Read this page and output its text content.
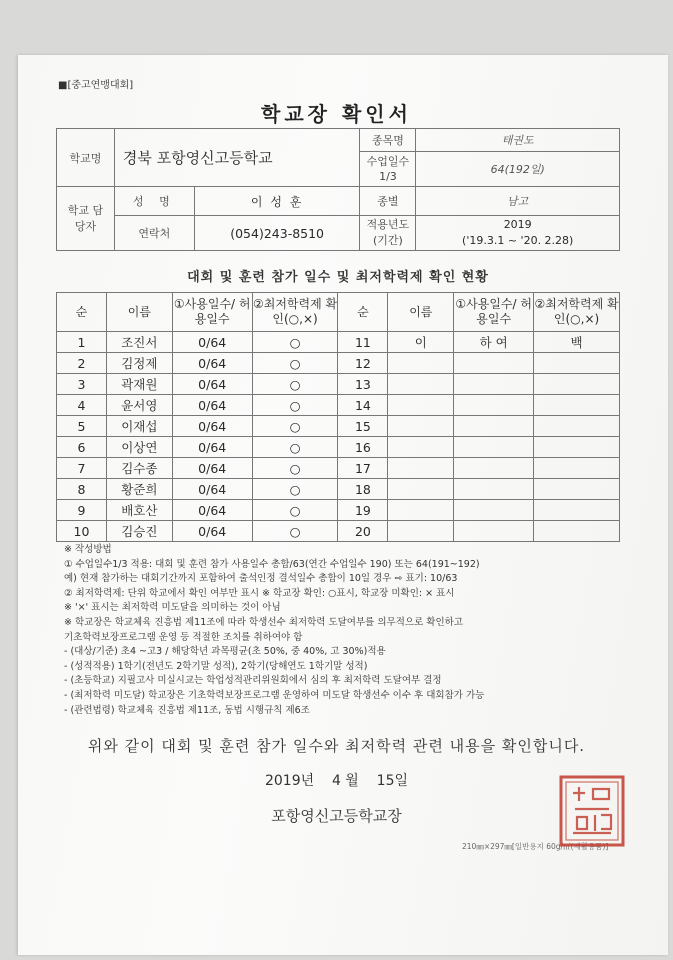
■[중고연맹대회]
학교장 확인서
학교명	경북 포항영신고등학교		종목명	태권도
			수업일수 1/3	64(192일)
학교 담당자	성 명	이 성 훈	종별	남고
	연락처	(054)243-8510	적용년도 (기간)	2019
('19.3.1 ~ '20. 2.28)
대회 및 훈련 참가 일수 및 최저학력제 확인 현황
순	이름	①사용일수/ 허용일수	②최저학력제 확인(○,×)	순	이름	①사용일수/ 허용일수	②최저학력제 확인(○,×)
1	조진서	0/64	○	11	이	하 여	백
2	김정제	0/64	○	12			
3	곽재원	0/64	○	13			
4	윤서영	0/64	○	14			
5	이재섭	0/64	○	15			
6	이상연	0/64	○	16			
7	김수종	0/64	○	17			
8	황준희	0/64	○	18			
9	배호산	0/64	○	19			
10	김승진	0/64	○	20			
※ 작성방법
① 수업일수1/3 적용: 대회 및 훈련 참가 사용일수 총합/63(연간 수업일수 190) 또는 64(191~192)
예) 현재 참가하는 대회기간까지 포함하여 출석인정 결석일수 총합이 10일 경우 ⇨ 표기: 10/63
② 최저학력제: 단위 학교에서 확인 여부만 표시 ※ 학교장 확인: ○표시, 학교장 미확인: × 표시
※ '×' 표시는 최저학력 미도달을 의미하는 것이 아님
※ 학교장은 학교체육 진흥법 제11조에 따라 학생선수 최저학력 도달여부를 의무적으로 확인하고
기초학력보장프로그램 운영 등 적절한 조치를 취하여야 함
- (대상/기준) 초4 ~고3 / 해당학년 과목평균(초 50%, 중 40%, 고 30%)적용
- (성적적용) 1학기(전년도 2학기말 성적), 2학기(당해연도 1학기말 성적)
- (초등학교) 지필고사 미실시교는 학업성적관리위원회에서 심의 후 최저학력 도달여부 결정
- (최저학력 미도달) 학교장은 기초학력보장프로그램 운영하여 미도달 학생선수 이수 후 대회참가 가능
- (관련법령) 학교체육 진흥법 제11조, 동법 시행규칙 제6조
위와 같이 대회 및 훈련 참가 일수와 최저학력 관련 내용을 확인합니다.
2019년 4 월 15일
포항영신고등학교장
210㎜×297㎜[일반용지 60g/㎡(재활용품)]
